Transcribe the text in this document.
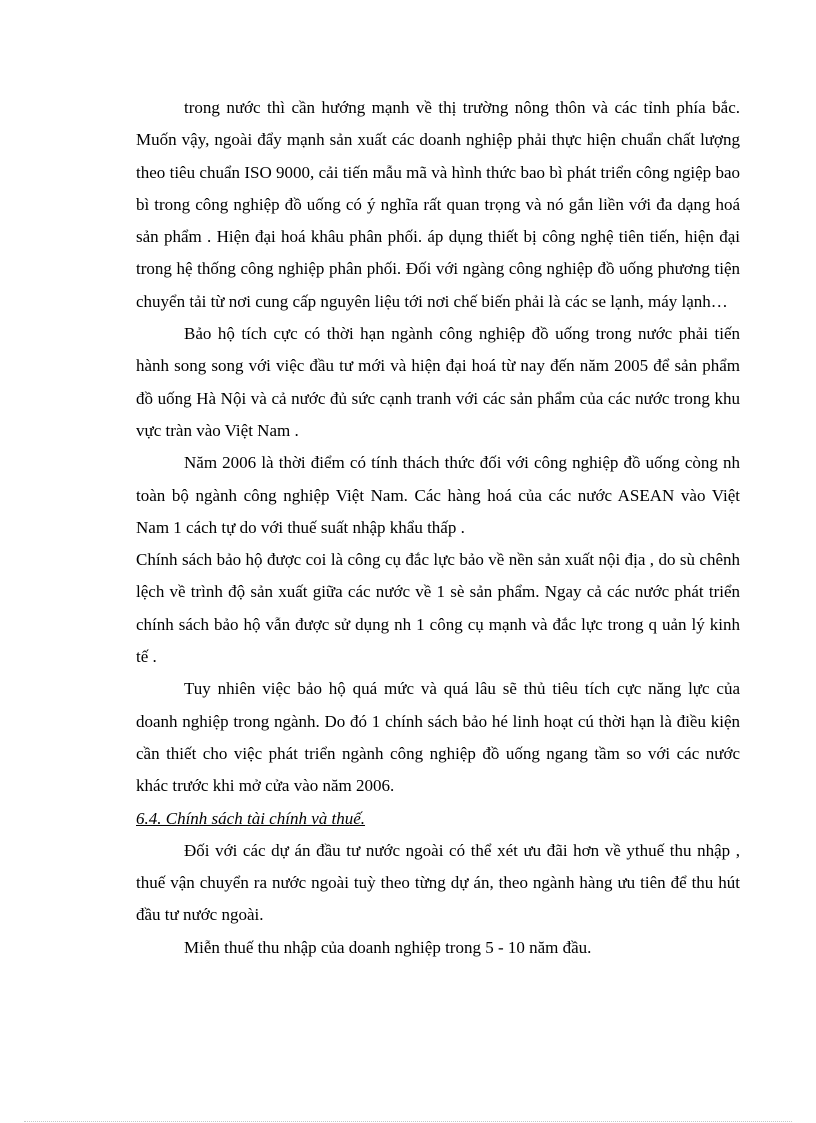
trong nước thì cần hướng mạnh về thị trường nông thôn và các tỉnh phía bắc. Muốn vậy, ngoài đẩy mạnh sản xuất các doanh nghiệp phải thực hiện chuẩn chất lượng theo tiêu chuẩn ISO 9000, cải tiến mẫu mã và hình thức bao bì phát triển công ngiệp bao bì trong công nghiệp đồ uống có ý nghĩa rất quan trọng và nó gắn liền với đa dạng hoá sản phẩm . Hiện đại hoá khâu phân phối. áp dụng thiết bị công nghệ tiên tiến, hiện đại trong hệ thống công nghiệp phân phối. Đối với ngàng công nghiệp đồ uống phương tiện chuyển tải từ nơi cung cấp nguyên liệu tới nơi chế biến phải là các se lạnh, máy lạnh…

Bảo hộ tích cực có thời hạn ngành công nghiệp đồ uống trong nước phải tiến hành song song với việc đầu tư mới và hiện đại hoá từ nay đến năm 2005 để sản phẩm đồ uống Hà Nội và cả nước đủ sức cạnh tranh với các sản phẩm của các nước trong khu vực tràn vào Việt Nam .

Năm 2006 là thời điểm có tính thách thức đối với công nghiệp đồ uống còng nh toàn bộ ngành công nghiệp Việt Nam. Các hàng hoá của các nước ASEAN vào Việt Nam 1 cách tự do với thuế suất nhập khẩu thấp .

Chính sách bảo hộ được coi là công cụ đắc lực bảo về nền sản xuất nội địa , do sù chênh lệch về trình độ sản xuất giữa các nước về 1 sè sản phẩm. Ngay cả các nước phát triển chính sách bảo hộ vẫn được sử dụng nh 1 công cụ mạnh và đắc lực trong q uản lý kinh tế .

Tuy nhiên việc bảo hộ quá mức và quá lâu sẽ thủ tiêu tích cực năng lực của doanh nghiệp trong ngành. Do đó 1 chính sách bảo hé linh hoạt cú thời hạn là điều kiện cần thiết cho việc phát triển ngành công nghiệp đồ uống ngang tầm so với các nước khác trước khi mở cửa vào năm 2006.

6.4. Chính sách tài chính và thuế.

Đối với các dự án đầu tư nước ngoài có thể xét ưu đãi hơn về ythuế thu nhập , thuế vận chuyển ra nước ngoài tuỳ theo từng dự án, theo ngành hàng ưu tiên để thu hút đầu tư nước ngoài.

Miễn thuế thu nhập của doanh nghiệp trong 5 - 10 năm đầu.
